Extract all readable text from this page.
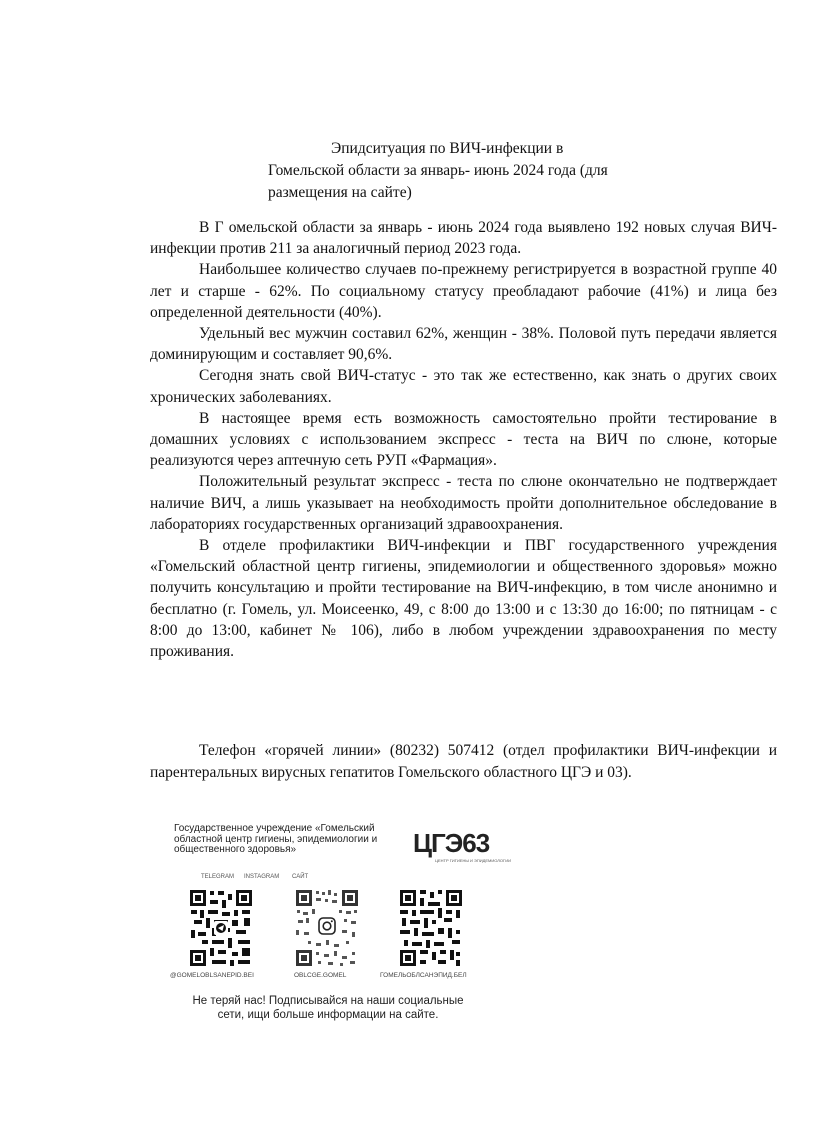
Эпидситуация по ВИЧ-инфекции в
Гомельской области за январь- июнь 2024 года (для
размещения на сайте)

В Г омельской области за январь - июнь 2024 года выявлено 192 новых случая ВИЧ-инфекции против 211 за аналогичный период 2023 года.

Наибольшее количество случаев по-прежнему регистрируется в возрастной группе 40 лет и старше - 62%. По социальному статусу преобладают рабочие (41%) и лица без определенной деятельности (40%).

Удельный вес мужчин составил 62%, женщин - 38%. Половой путь передачи является доминирующим и составляет 90,6%.

Сегодня знать свой ВИЧ-статус - это так же естественно, как знать о других своих хронических заболеваниях.

В настоящее время есть возможность самостоятельно пройти тестирование в домашних условиях с использованием экспресс - теста на ВИЧ по слюне, которые реализуются через аптечную сеть РУП «Фармация».

Положительный результат экспресс - теста по слюне окончательно не подтверждает наличие ВИЧ, а лишь указывает на необходимость пройти дополнительное обследование в лабораториях государственных организаций здравоохранения.

В отделе профилактики ВИЧ-инфекции и ПВГ государственного учреждения «Гомельский областной центр гигиены, эпидемиологии и общественного здоровья» можно получить консультацию и пройти тестирование на ВИЧ-инфекцию, в том числе анонимно и бесплатно (г. Гомель, ул. Моисеенко, 49, с 8:00 до 13:00 и с 13:30 до 16:00; по пятницам - с 8:00 до 13:00, кабинет № 106), либо в любом учреждении здравоохранения по месту проживания.

Телефон «горячей линии» (80232) 507412 (отдел профилактики ВИЧ-инфекции и парентеральных вирусных гепатитов Гомельского областного ЦГЭ и 03).

Государственное учреждение «Гомельский областной центр гигиены, эпидемиологии и общественного здоровья»	ЦГЭ63
ЦЕНТР ГИГИЕНЫ И ЭПИДЕМИОЛОГИИ
TELEGRAM INSTAGRAM САЙТ
@GOMELOBLSANEPID.BEI	OBLCGE.GOMEL	ГОМЕЛЬОБЛСАНЭПИД.БЕЛ
Не теряй нас! Подписывайся на наши социальные
сети, ищи больше информации на сайте.
